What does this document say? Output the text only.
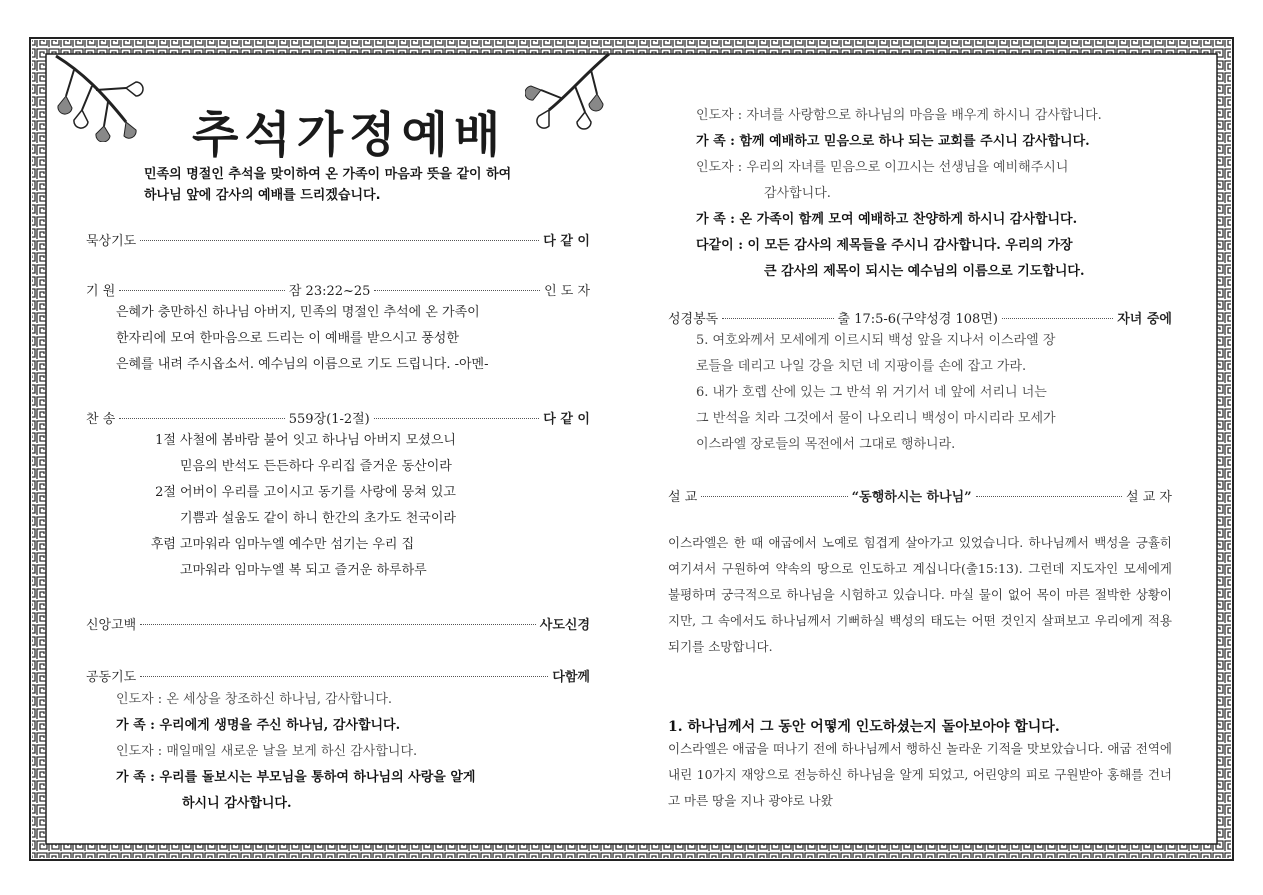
추석가정예배
민족의 명절인 추석을 맞이하여 온 가족이 마음과 뜻을 같이 하여
하나님 앞에 감사의 예배를 드리겠습니다.
묵상기도	다 같 이
기 원	잠 23:22~25	인 도 자
은혜가 충만하신 하나님 아버지, 민족의 명절인 추석에 온 가족이
한자리에 모여 한마음으로 드리는 이 예배를 받으시고 풍성한
은혜를 내려 주시옵소서. 예수님의 이름으로 기도 드립니다. -아멘-
찬 송	559장(1-2절)	다 같 이
1절 사철에 봄바람 불어 잇고 하나님 아버지 모셨으니
믿음의 반석도 든든하다 우리집 즐거운 동산이라
2절 어버이 우리를 고이시고 동기를 사랑에 뭉쳐 있고
기쁨과 설움도 같이 하니 한간의 초가도 천국이라
후렴 고마워라 임마누엘 예수만 섬기는 우리 집
고마워라 임마누엘 복 되고 즐거운 하루하루
신앙고백	사도신경
공동기도	다함께
인도자 : 온 세상을 창조하신 하나님, 감사합니다.
가 족 : 우리에게 생명을 주신 하나님, 감사합니다.
인도자 : 매일매일 새로운 날을 보게 하신 감사합니다.
가 족 : 우리를 돌보시는 부모님을 통하여 하나님의 사랑을 알게
하시니 감사합니다.
인도자 : 자녀를 사랑함으로 하나님의 마음을 배우게 하시니 감사합니다.
가 족 : 함께 예배하고 믿음으로 하나 되는 교회를 주시니 감사합니다.
인도자 : 우리의 자녀를 믿음으로 이끄시는 선생님을 예비해주시니
감사합니다.
가 족 : 온 가족이 함께 모여 예배하고 찬양하게 하시니 감사합니다.
다같이 : 이 모든 감사의 제목들을 주시니 감사합니다. 우리의 가장
큰 감사의 제목이 되시는 예수님의 이름으로 기도합니다.
성경봉독	출 17:5-6(구약성경 108면)	자녀 중에
5. 여호와께서 모세에게 이르시되 백성 앞을 지나서 이스라엘 장
로들을 데리고 나일 강을 치던 네 지팡이를 손에 잡고 가라.
6. 내가 호렙 산에 있는 그 반석 위 거기서 네 앞에 서리니 너는
그 반석을 치라 그것에서 물이 나오리니 백성이 마시리라 모세가
이스라엘 장로들의 목전에서 그대로 행하니라.
설 교	“동행하시는 하나님”	설 교 자
이스라엘은 한 때 애굽에서 노예로 힘겹게 살아가고 있었습니다. 하나님께서 백성을 긍휼히 여기셔서 구원하여 약속의 땅으로 인도하고 계십니다(출15:13). 그런데 지도자인 모세에게 불평하며 궁극적으로 하나님을 시험하고 있습니다. 마실 물이 없어 목이 마른 절박한 상황이지만, 그 속에서도 하나님께서 기뻐하실 백성의 태도는 어떤 것인지 살펴보고 우리에게 적용되기를 소망합니다.
1. 하나님께서 그 동안 어떻게 인도하셨는지 돌아보아야 합니다.
이스라엘은 애굽을 떠나기 전에 하나님께서 행하신 놀라운 기적을 맛보았습니다. 애굽 전역에 내린 10가지 재앙으로 전능하신 하나님을 알게 되었고, 어린양의 피로 구원받아 홍해를 건너고 마른 땅을 지나 광야로 나왔
